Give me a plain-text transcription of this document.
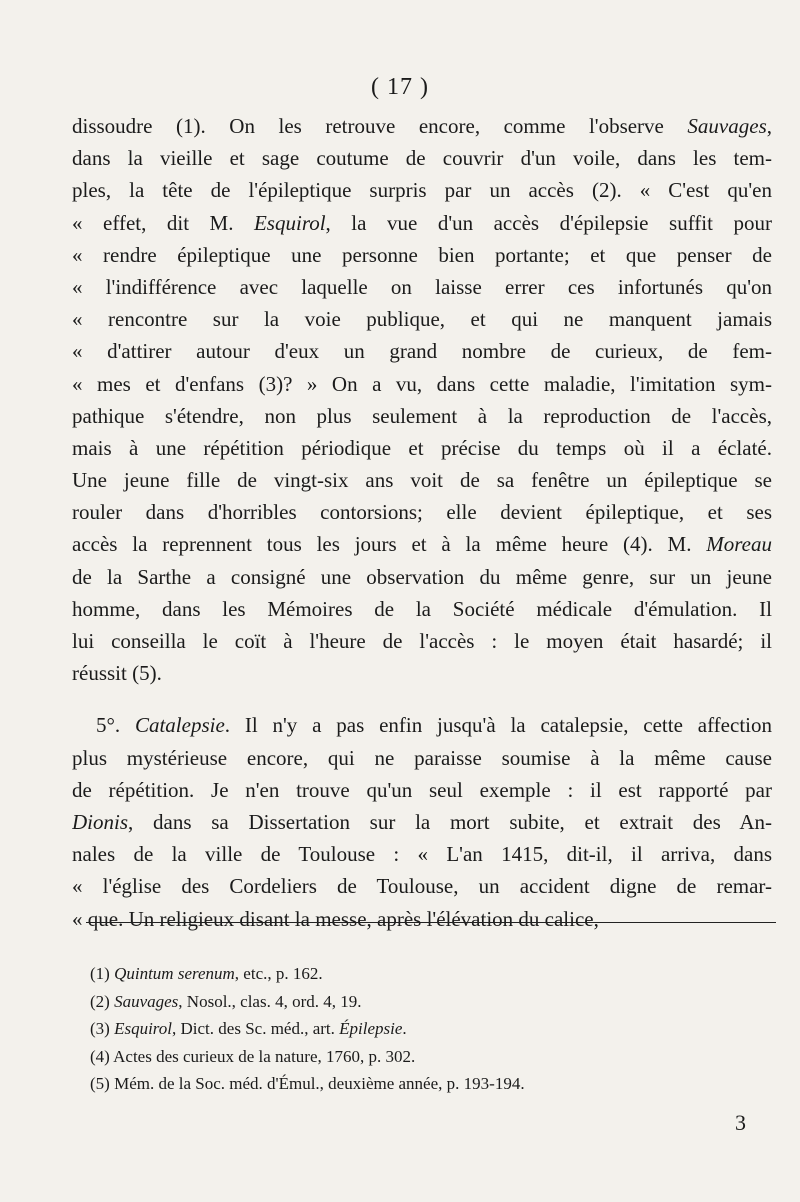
( 17 )
dissoudre (1). On les retrouve encore, comme l'observe Sauvages,
dans la vieille et sage coutume de couvrir d'un voile, dans les tem-
ples, la tête de l'épileptique surpris par un accès (2). « C'est qu'en
« effet, dit M. Esquirol, la vue d'un accès d'épilepsie suffit pour
« rendre épileptique une personne bien portante; et que penser de
« l'indifférence avec laquelle on laisse errer ces infortunés qu'on
« rencontre sur la voie publique, et qui ne manquent jamais
« d'attirer autour d'eux un grand nombre de curieux, de fem-
« mes et d'enfans (3)? » On a vu, dans cette maladie, l'imitation sym-
pathique s'étendre, non plus seulement à la reproduction de l'accès,
mais à une répétition périodique et précise du temps où il a éclaté.
Une jeune fille de vingt-six ans voit de sa fenêtre un épileptique se
rouler dans d'horribles contorsions; elle devient épileptique, et ses
accès la reprennent tous les jours et à la même heure (4). M. Moreau
de la Sarthe a consigné une observation du même genre, sur un jeune
homme, dans les Mémoires de la Société médicale d'émulation. Il
lui conseilla le coït à l'heure de l'accès : le moyen était hasardé; il
réussit (5).
5°. Catalepsie. Il n'y a pas enfin jusqu'à la catalepsie, cette affection
plus mystérieuse encore, qui ne paraisse soumise à la même cause
de répétition. Je n'en trouve qu'un seul exemple : il est rapporté par
Dionis, dans sa Dissertation sur la mort subite, et extrait des An-
nales de la ville de Toulouse : « L'an 1415, dit-il, il arriva, dans
« l'église des Cordeliers de Toulouse, un accident digne de remar-
« que. Un religieux disant la messe, après l'élévation du calice,
(1) Quintum serenum, etc., p. 162.
(2) Sauvages, Nosol., clas. 4, ord. 4, 19.
(3) Esquirol, Dict. des Sc. méd., art. Épilepsie.
(4) Actes des curieux de la nature, 1760, p. 302.
(5) Mém. de la Soc. méd. d'Émul., deuxième année, p. 193-194.
3
